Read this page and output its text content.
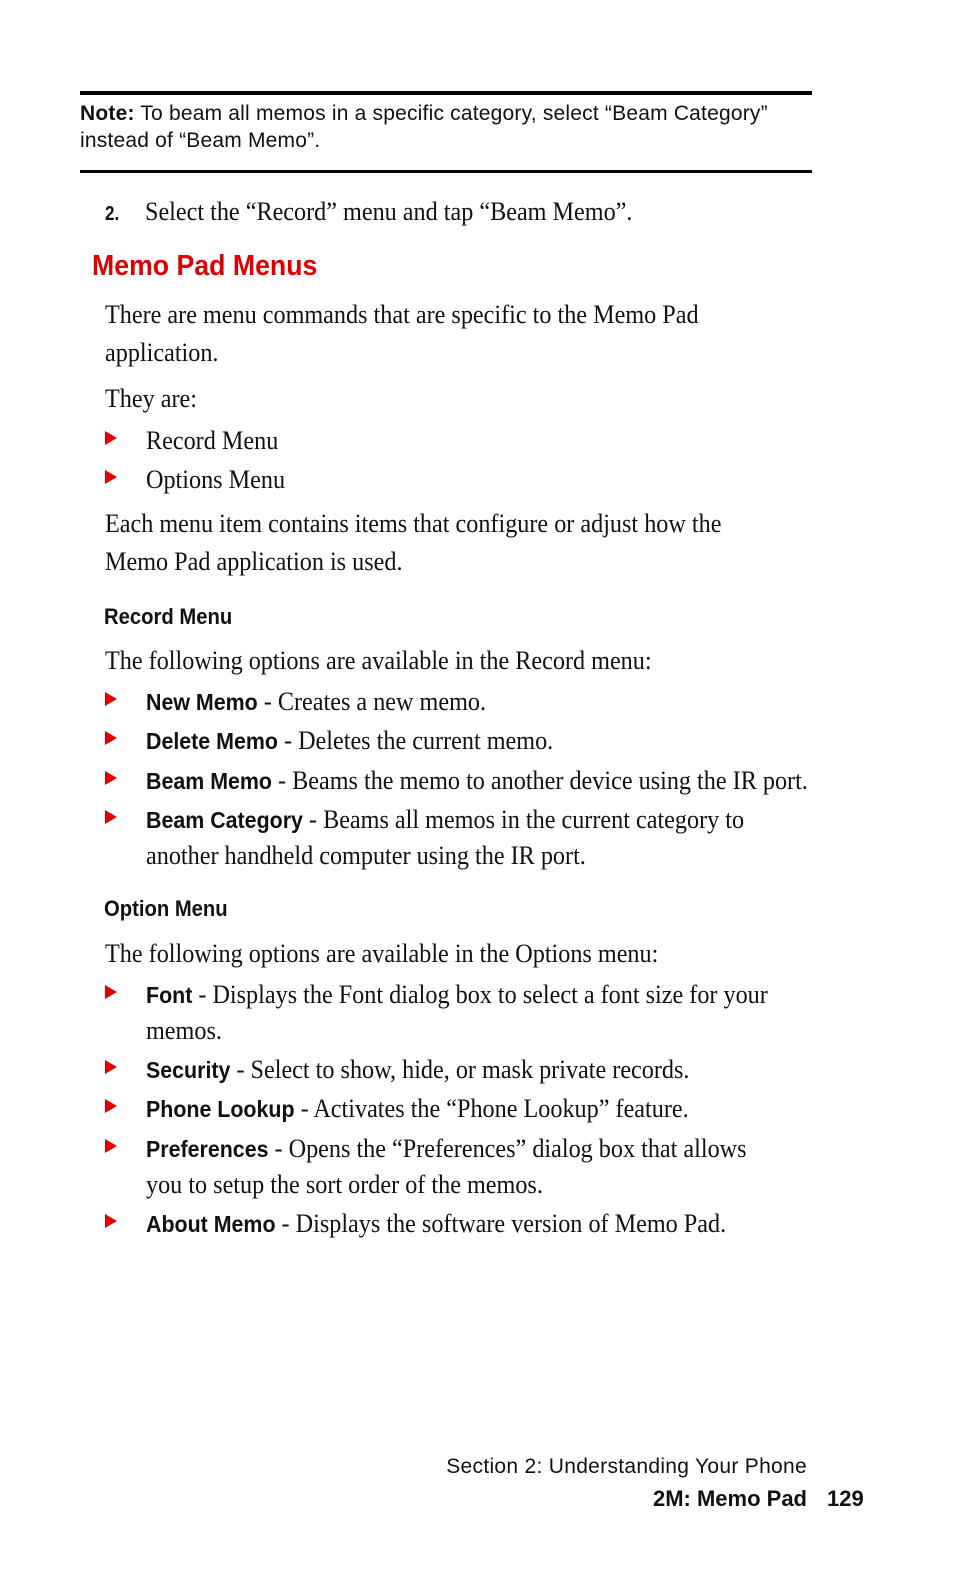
Note: To beam all memos in a specific category, select “Beam Category” instead of “Beam Memo”.
2. Select the “Record” menu and tap “Beam Memo”.
Memo Pad Menus
There are menu commands that are specific to the Memo Pad application.
They are:
Record Menu
Options Menu
Each menu item contains items that configure or adjust how the Memo Pad application is used.
Record Menu
The following options are available in the Record menu:
New Memo - Creates a new memo.
Delete Memo - Deletes the current memo.
Beam Memo - Beams the memo to another device using the IR port.
Beam Category - Beams all memos in the current category to another handheld computer using the IR port.
Option Menu
The following options are available in the Options menu:
Font - Displays the Font dialog box to select a font size for your memos.
Security - Select to show, hide, or mask private records.
Phone Lookup - Activates the “Phone Lookup” feature.
Preferences - Opens the “Preferences” dialog box that allows you to setup the sort order of the memos.
About Memo - Displays the software version of Memo Pad.
Section 2: Understanding Your Phone
2M: Memo Pad 129
